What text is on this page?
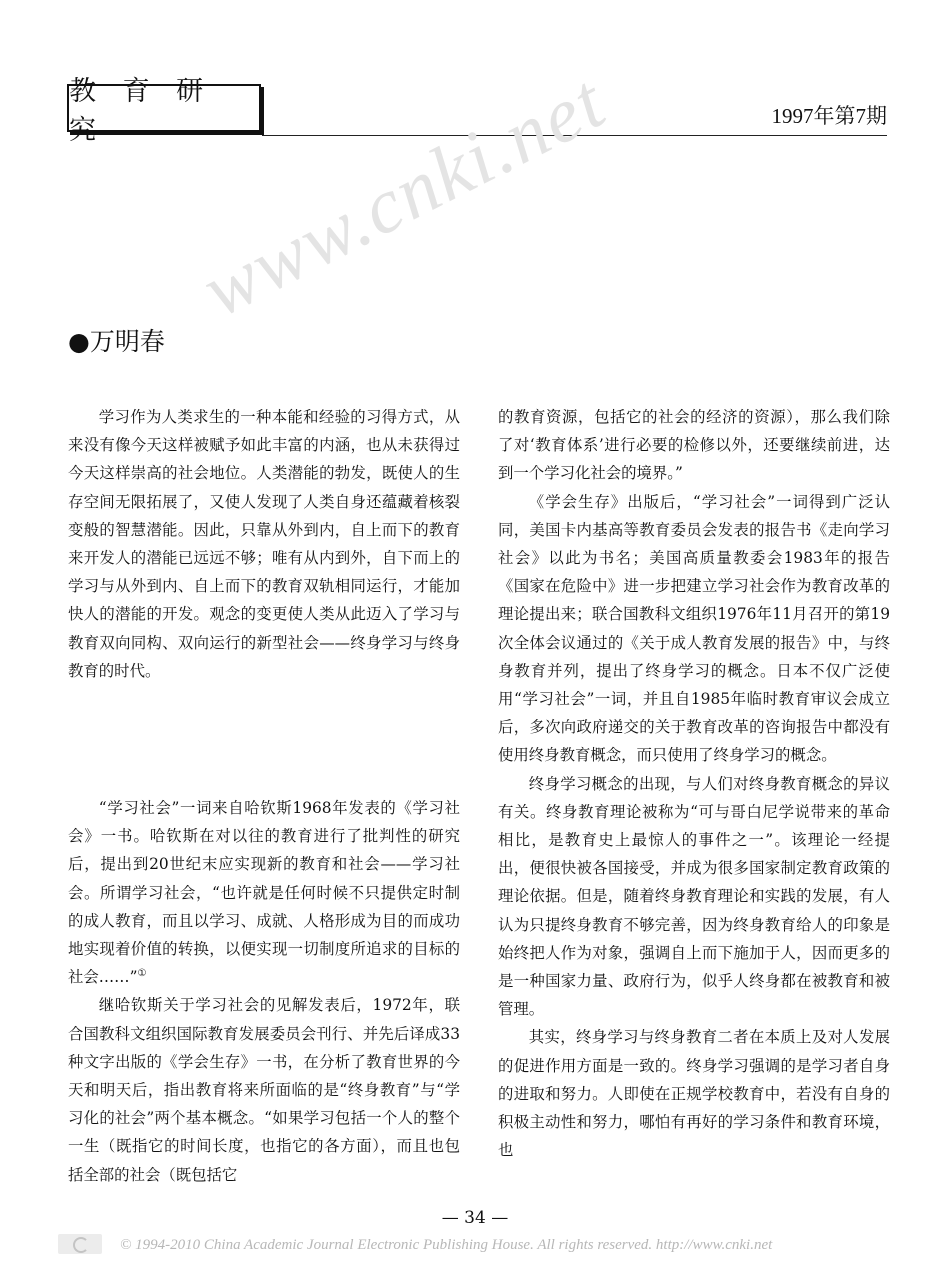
教 育 研 究	1997年第7期
www.cnki.net
●万明春

学习作为人类求生的一种本能和经验的习得方式，从来没有像今天这样被赋予如此丰富的内涵，也从未获得过今天这样崇高的社会地位。人类潜能的勃发，既使人的生存空间无限拓展了，又使人发现了人类自身还蕴藏着核裂变般的智慧潜能。因此，只靠从外到内，自上而下的教育来开发人的潜能已远远不够；唯有从内到外，自下而上的学习与从外到内、自上而下的教育双轨相同运行，才能加快人的潜能的开发。观念的变更使人类从此迈入了学习与教育双向同构、双向运行的新型社会——终身学习与终身教育的时代。

“学习社会”一词来自哈钦斯1968年发表的《学习社会》一书。哈钦斯在对以往的教育进行了批判性的研究后，提出到20世纪末应实现新的教育和社会——学习社会。所谓学习社会，“也许就是任何时候不只提供定时制的成人教育，而且以学习、成就、人格形成为目的而成功地实现着价值的转换，以便实现一切制度所追求的目标的社会……”①

继哈钦斯关于学习社会的见解发表后，1972年，联合国教科文组织国际教育发展委员会刊行、并先后译成33种文字出版的《学会生存》一书，在分析了教育世界的今天和明天后，指出教育将来所面临的是“终身教育”与“学习化的社会”两个基本概念。“如果学习包括一个人的整个一生（既指它的时间长度，也指它的各方面），而且也包括全部的社会（既包括它

的教育资源，包括它的社会的经济的资源），那么我们除了对‘教育体系’进行必要的检修以外，还要继续前进，达到一个学习化社会的境界。”

《学会生存》出版后，“学习社会”一词得到广泛认同，美国卡内基高等教育委员会发表的报告书《走向学习社会》以此为书名；美国高质量教委会1983年的报告《国家在危险中》进一步把建立学习社会作为教育改革的理论提出来；联合国教科文组织1976年11月召开的第19次全体会议通过的《关于成人教育发展的报告》中，与终身教育并列，提出了终身学习的概念。日本不仅广泛使用“学习社会”一词，并且自1985年临时教育审议会成立后，多次向政府递交的关于教育改革的咨询报告中都没有使用终身教育概念，而只使用了终身学习的概念。

终身学习概念的出现，与人们对终身教育概念的异议有关。终身教育理论被称为“可与哥白尼学说带来的革命相比，是教育史上最惊人的事件之一”。该理论一经提出，便很快被各国接受，并成为很多国家制定教育政策的理论依据。但是，随着终身教育理论和实践的发展，有人认为只提终身教育不够完善，因为终身教育给人的印象是始终把人作为对象，强调自上而下施加于人，因而更多的是一种国家力量、政府行为，似乎人终身都在被教育和被管理。

其实，终身学习与终身教育二者在本质上及对人发展的促进作用方面是一致的。终身学习强调的是学习者自身的进取和努力。人即使在正规学校教育中，若没有自身的积极主动性和努力，哪怕有再好的学习条件和教育环境，也

— 34 —
© 1994-2010 China Academic Journal Electronic Publishing House. All rights reserved. http://www.cnki.net
